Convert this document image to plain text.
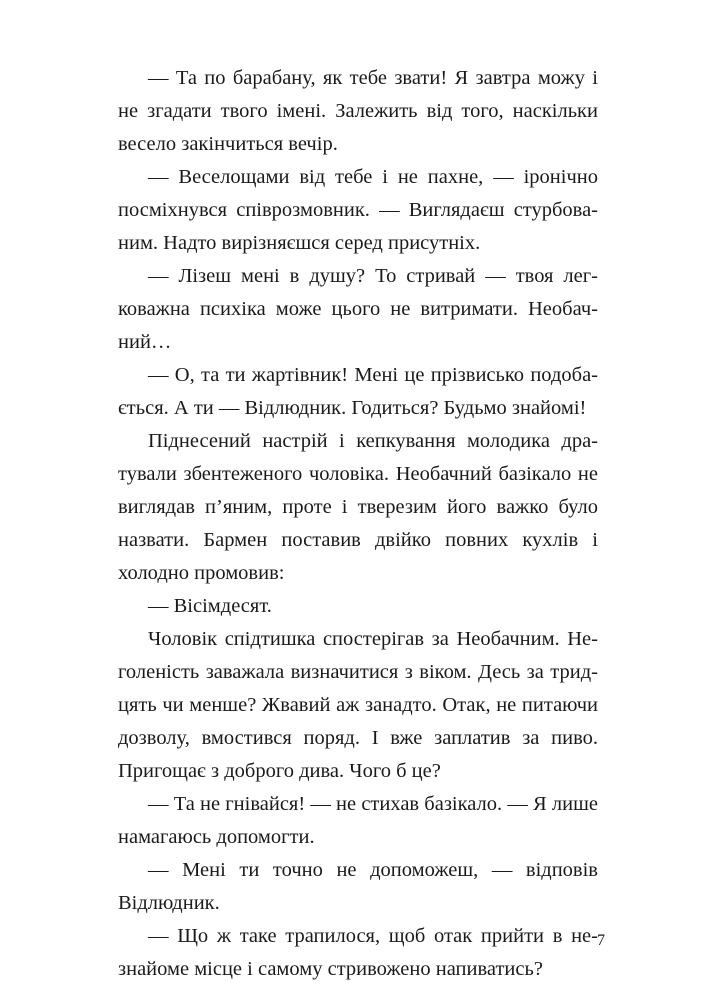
— Та по барабану, як тебе звати! Я завтра можу і не згадати твого імені. Залежить від того, наскільки весело закінчиться вечір.

— Веселощами від тебе і не пахне, — іронічно посміхнувся співрозмовник. — Виглядаєш стурбованим. Надто вирізняєшся серед присутніх.

— Лізеш мені в душу? То стривай — твоя легковажна психіка може цього не витримати. Необачний…

— О, та ти жартівник! Мені це прізвисько подобається. А ти — Відлюдник. Годиться? Будьмо знайомі!

Піднесений настрій і кепкування молодика дратували збентеженого чоловіка. Необачний базікало не виглядав п’яним, проте і тверезим його важко було назвати. Бармен поставив двійко повних кухлів і холодно промовив:

— Вісімдесят.

Чоловік спідтишка спостерігав за Необачним. Неголеність заважала визначитися з віком. Десь за тридцять чи менше? Жвавий аж занадто. Отак, не питаючи дозволу, вмостився поряд. І вже заплатив за пиво. Пригощає з доброго дива. Чого б це?

— Та не гнівайся! — не стихав базікало. — Я лише намагаюсь допомогти.

— Мені ти точно не допоможеш, — відповів Відлюдник.

— Що ж таке трапилося, щоб отак прийти в незнайоме місце і самому стривожено напиватись?

7
